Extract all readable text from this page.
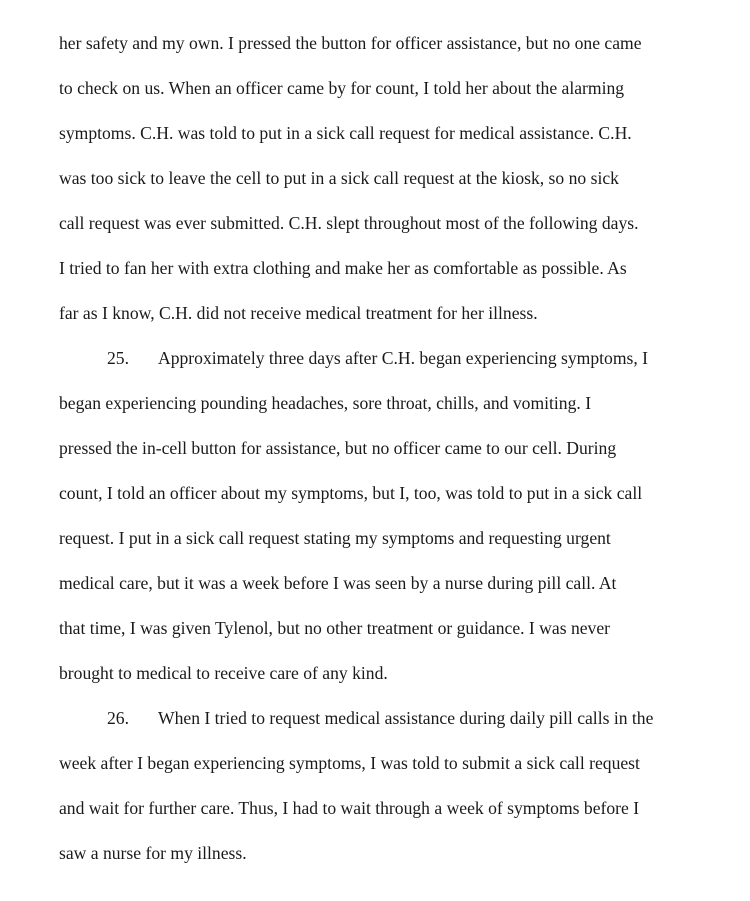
her safety and my own. I pressed the button for officer assistance, but no one came
to check on us. When an officer came by for count, I told her about the alarming
symptoms. C.H. was told to put in a sick call request for medical assistance. C.H.
was too sick to leave the cell to put in a sick call request at the kiosk, so no sick
call request was ever submitted. C.H. slept throughout most of the following days.
I tried to fan her with extra clothing and make her as comfortable as possible. As
far as I know, C.H. did not receive medical treatment for her illness.
25. Approximately three days after C.H. began experiencing symptoms, I
began experiencing pounding headaches, sore throat, chills, and vomiting. I
pressed the in-cell button for assistance, but no officer came to our cell. During
count, I told an officer about my symptoms, but I, too, was told to put in a sick call
request. I put in a sick call request stating my symptoms and requesting urgent
medical care, but it was a week before I was seen by a nurse during pill call. At
that time, I was given Tylenol, but no other treatment or guidance. I was never
brought to medical to receive care of any kind.
26. When I tried to request medical assistance during daily pill calls in the
week after I began experiencing symptoms, I was told to submit a sick call request
and wait for further care. Thus, I had to wait through a week of symptoms before I
saw a nurse for my illness.
